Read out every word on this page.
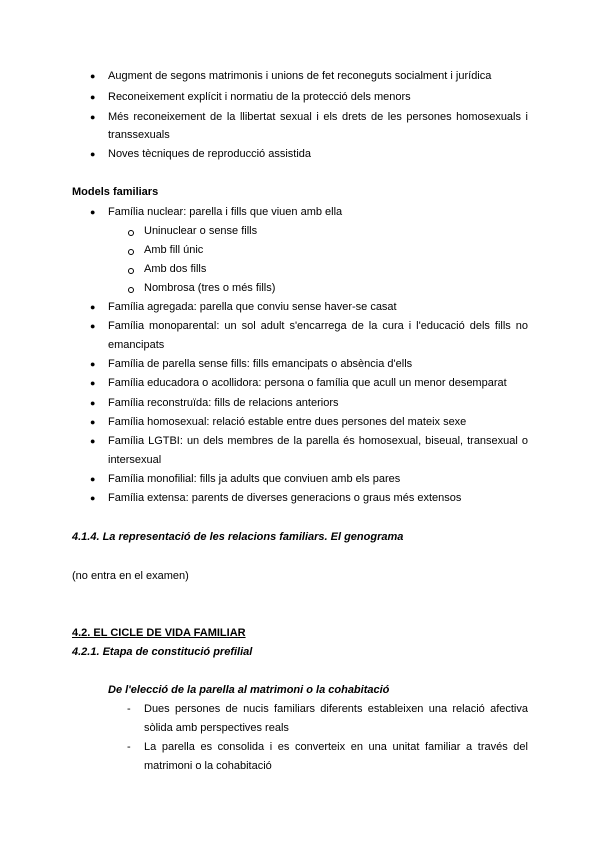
● Augment de segons matrimonis i unions de fet reconeguts socialment i jurídica
● Reconeixement explícit i normatiu de la protecció dels menors
● Més reconeixement de la llibertat sexual i els drets de les persones homosexuals i
transsexuals
● Noves tècniques de reproducció assistida
Models familiars
● Família nuclear: parella i fills que viuen amb ella
Uninuclear o sense fills
Amb fill únic
Amb dos fills
Nombrosa (tres o més fills)
● Família agregada: parella que conviu sense haver-se casat
● Família monoparental: un sol adult s'encarrega de la cura i l'educació dels fills no
emancipats
● Família de parella sense fills: fills emancipats o absència d'ells
● Família educadora o acollidora: persona o família que acull un menor desemparat
● Família reconstruïda: fills de relacions anteriors
● Família homosexual: relació estable entre dues persones del mateix sexe
● Família LGTBI: un dels membres de la parella és homosexual, biseual, transexual o
intersexual
● Família monofilial: fills ja adults que conviuen amb els pares
● Família extensa: parents de diverses generacions o graus més extensos
4.1.4. La representació de les relacions familiars. El genograma
(no entra en el examen)
4.2. EL CICLE DE VIDA FAMILIAR
4.2.1. Etapa de constitució prefilial
De l'elecció de la parella al matrimoni o la cohabitació
- Dues persones de nucis familiars diferents estableixen una relació afectiva
sòlida amb perspectives reals
- La parella es consolida i es converteix en una unitat familiar a través del
matrimoni o la cohabitació
